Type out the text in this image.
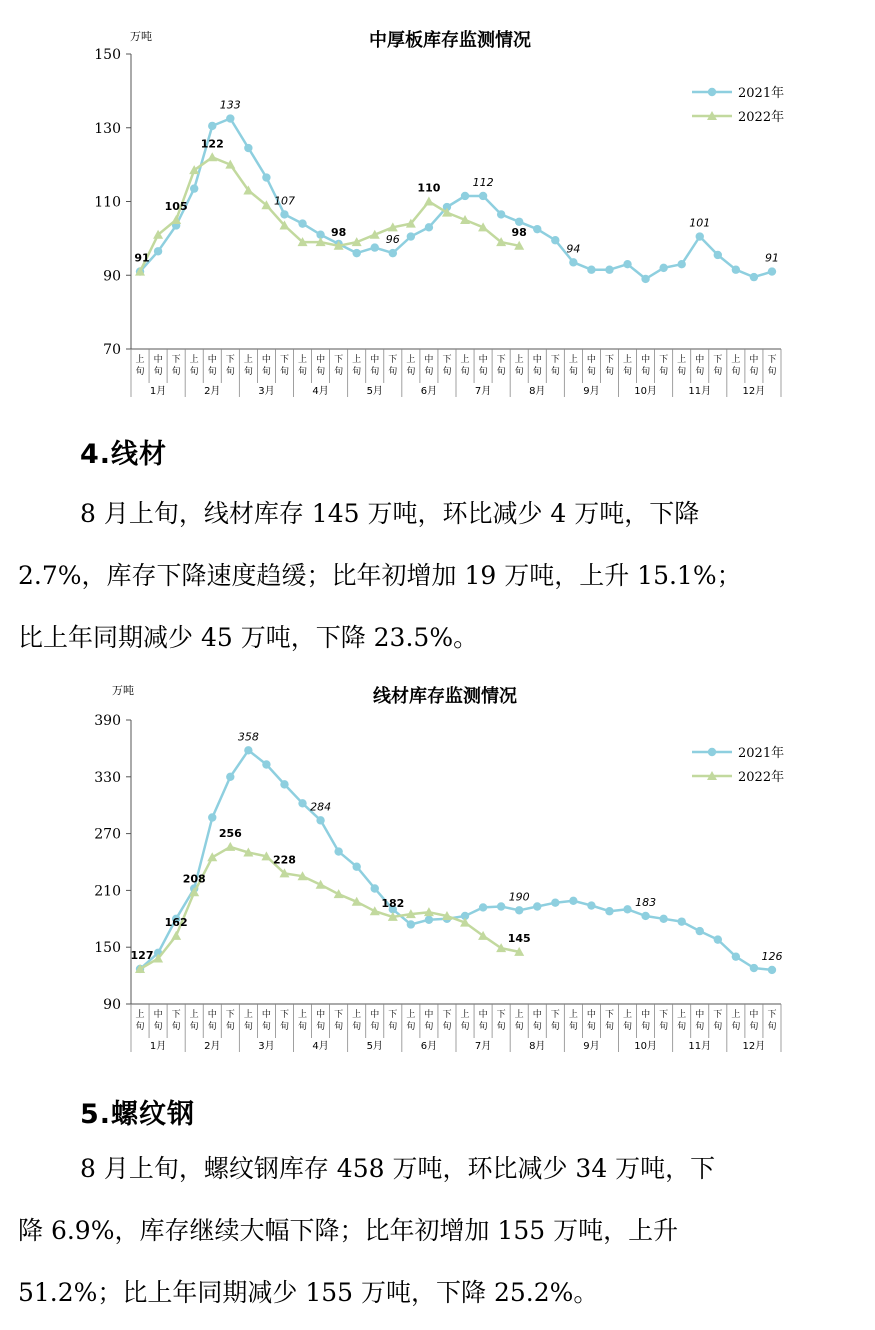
中厚板库存监测情况
万吨
70
90
110
130
150
上
旬
中
旬
下
旬
上
旬
中
旬
下
旬
上
旬
中
旬
下
旬
上
旬
中
旬
下
旬
上
旬
中
旬
下
旬
上
旬
中
旬
下
旬
上
旬
中
旬
下
旬
上
旬
中
旬
下
旬
上
旬
中
旬
下
旬
上
旬
中
旬
下
旬
上
旬
中
旬
下
旬
上
旬
中
旬
下
旬
1月	2月	3月	4月	5月	6月	7月	8月	9月	10月	11月	12月
133
107
96
112
94
101
91
91
105
122
98
110
98
2021年
2022年
4.线材
8 月上旬，线材库存 145 万吨，环比减少 4 万吨，下降
2.7%，库存下降速度趋缓；比年初增加 19 万吨，上升 15.1%；
比上年同期减少 45 万吨，下降 23.5%。
线材库存监测情况
万吨
90
150
210
270
330
390
上
旬
中
旬
下
旬
上
旬
中
旬
下
旬
上
旬
中
旬
下
旬
上
旬
中
旬
下
旬
上
旬
中
旬
下
旬
上
旬
中
旬
下
旬
上
旬
中
旬
下
旬
上
旬
中
旬
下
旬
上
旬
中
旬
下
旬
上
旬
中
旬
下
旬
上
旬
中
旬
下
旬
上
旬
中
旬
下
旬
1月	2月	3月	4月	5月	6月	7月	8月	9月	10月	11月	12月
358
284
190	183
126
127
162
208
256
228
182
145
2021年
2022年
5.螺纹钢
8 月上旬，螺纹钢库存 458 万吨，环比减少 34 万吨，下
降 6.9%，库存继续大幅下降；比年初增加 155 万吨，上升
51.2%；比上年同期减少 155 万吨，下降 25.2%。
